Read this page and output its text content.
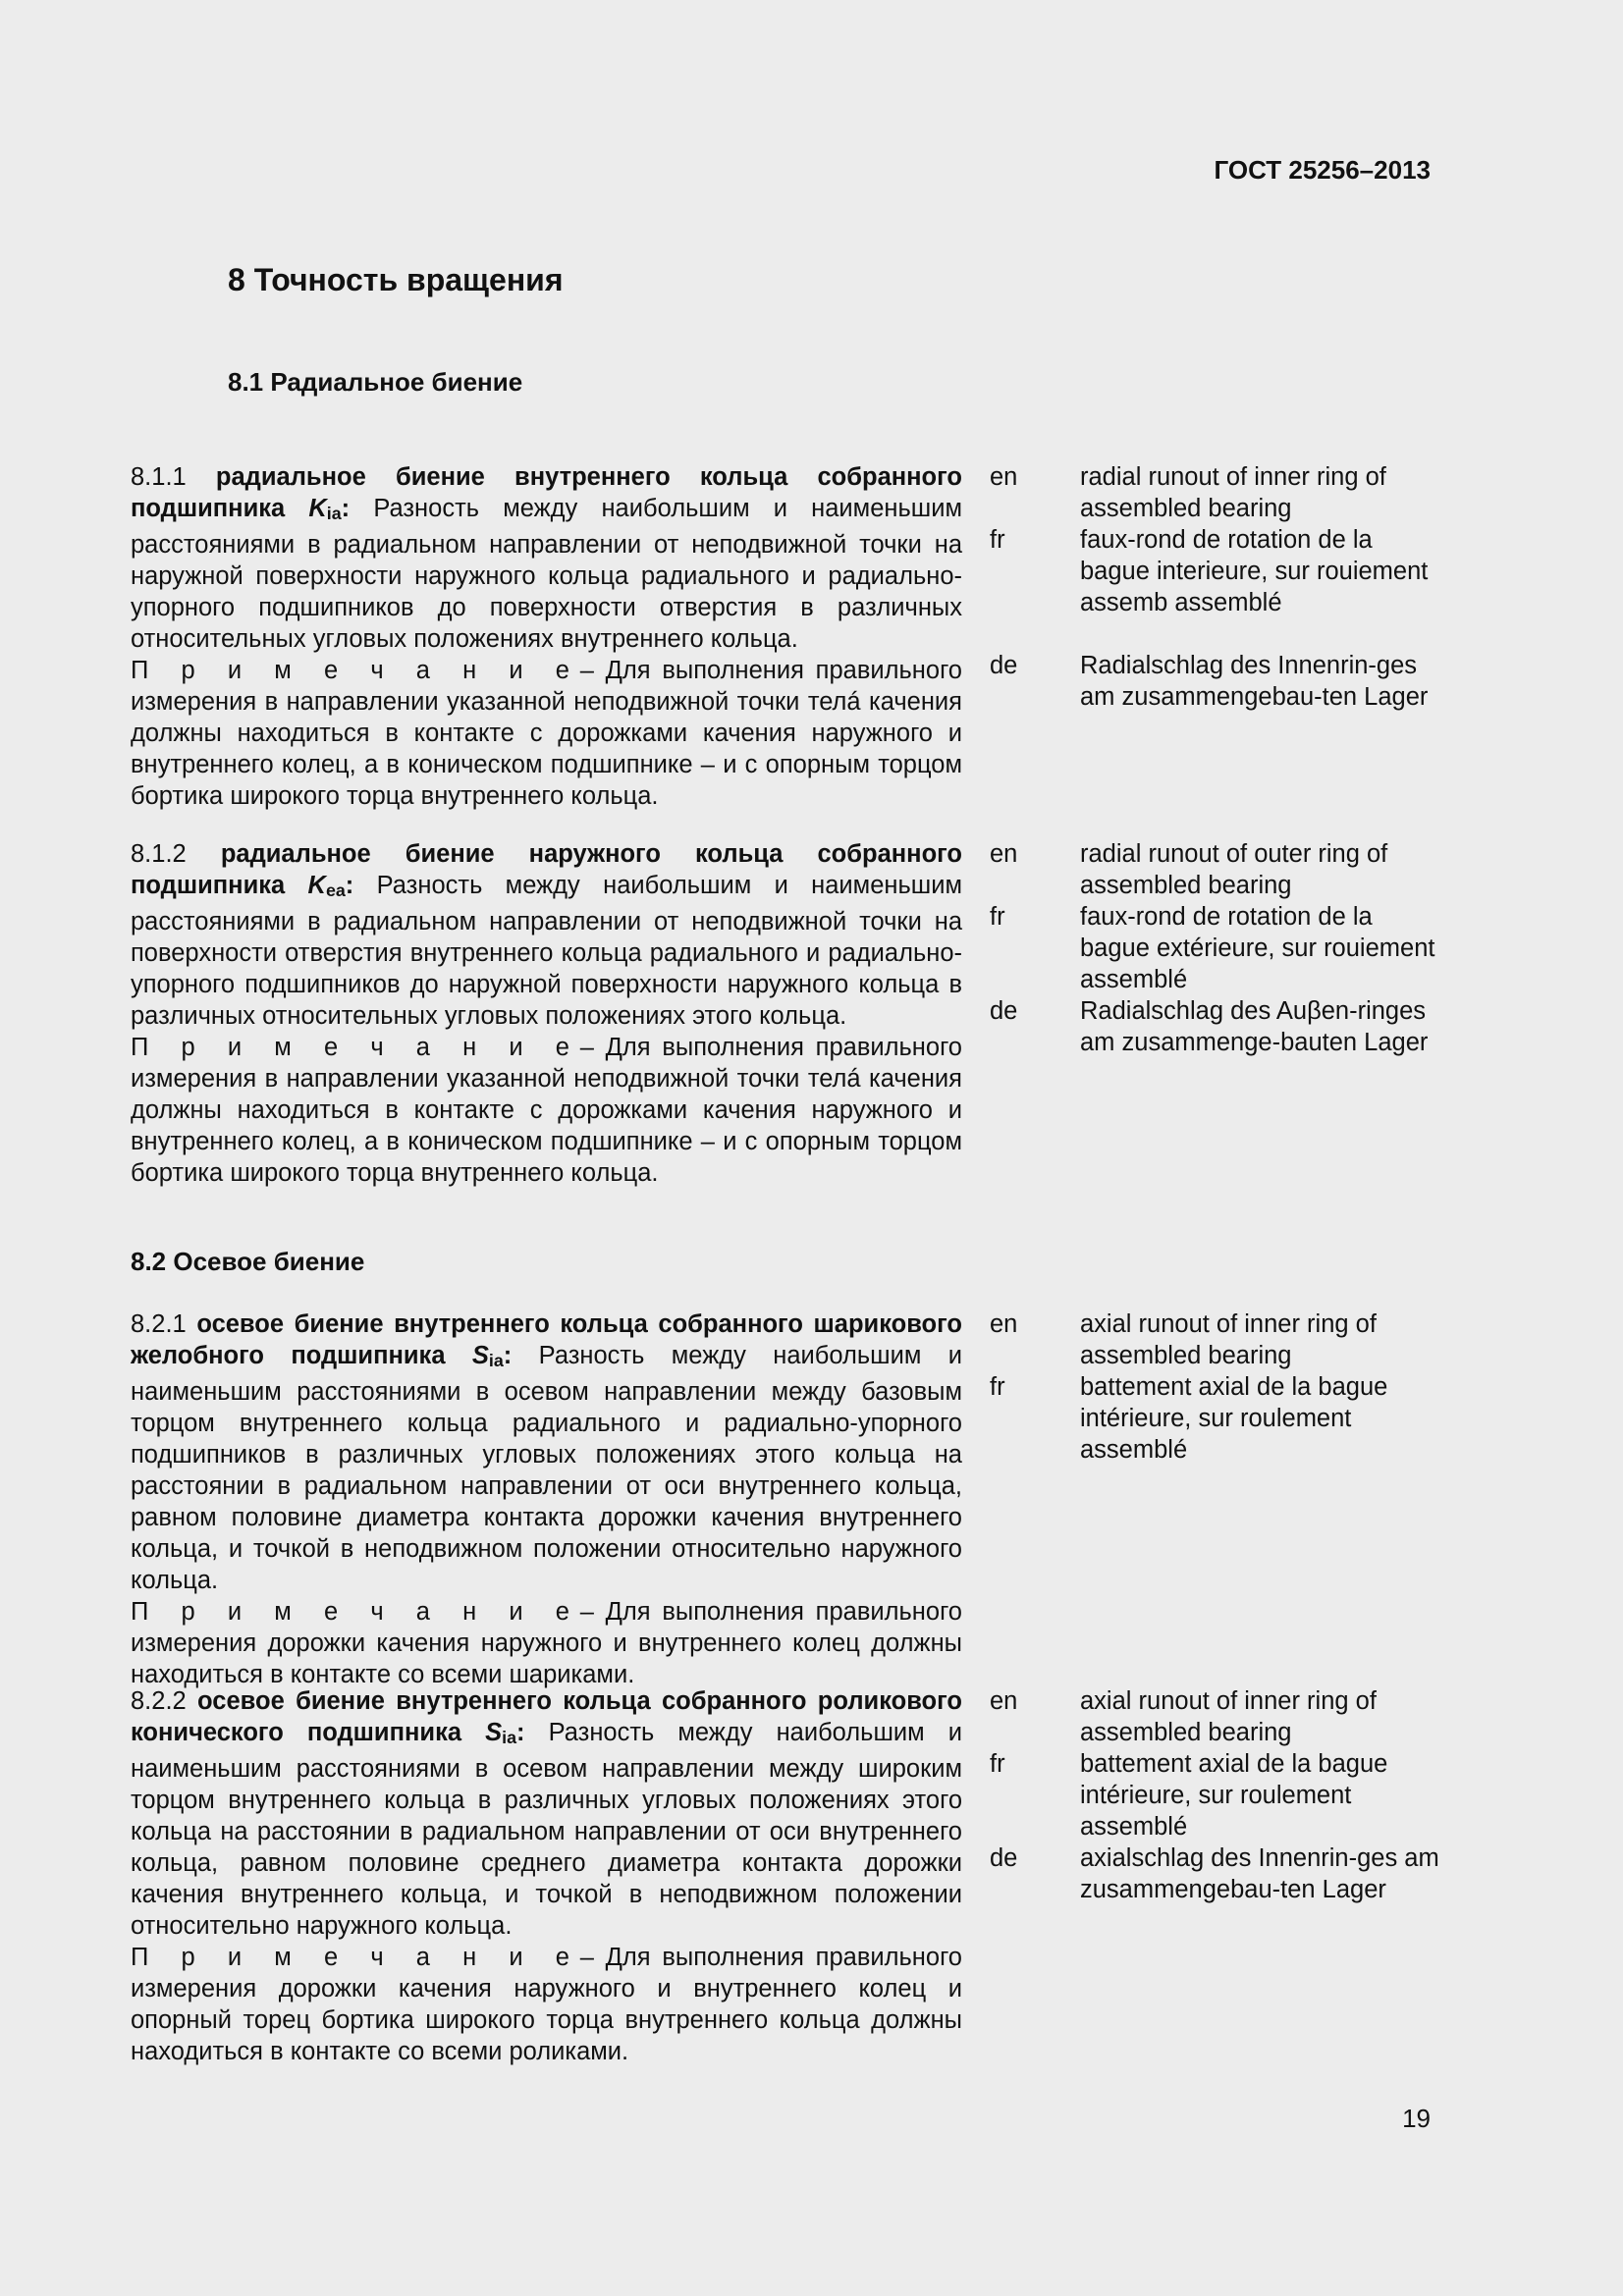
ГОСТ 25256–2013
8 Точность вращения
8.1 Радиальное биение
8.1.1 радиальное биение внутреннего кольца собранного подшипника $K_{ia}$: Разность между наибольшим и наименьшим расстояниями в радиальном направлении от неподвижной точки на наружной поверхности наружного кольца радиального и радиально-упорного подшипников до поверхности отверстия в различных относительных угловых положениях внутреннего кольца.
П р и м е ч а н и е– Для выполнения правильного измерения в направлении указанной неподвижной точки телá качения должны находиться в контакте с дорожками качения наружного и внутреннего колец, а в коническом подшипнике – и с опорным торцом бортика широкого торца внутреннего кольца.
en
fr
de
radial runout of inner ring of assembled bearing
faux-rond de rotation de la bague interieure, sur rouiement assemb assemblé
Radialschlag des Innenrin-ges am zusammengebau-ten Lager
8.1.2 радиальное биение наружного кольца собранного подшипника $K_{ea}$: Разность между наибольшим и наименьшим расстояниями в радиальном направлении от неподвижной точки на поверхности отверстия внутреннего кольца радиального и радиально-упорного подшипников до наружной поверхности наружного кольца в различных относительных угловых положениях этого кольца.
П р и м е ч а н и е– Для выполнения правильного измерения в направлении указанной неподвижной точки телá качения должны находиться в контакте с дорожками качения наружного и внутреннего колец, а в коническом подшипнике – и с опорным торцом бортика широкого торца внутреннего кольца.
en
fr
de
radial runout of outer ring of assembled bearing
faux-rond de rotation de la bague extérieure, sur rouiement assemblé
Radialschlag des Auβen-ringes am zusammenge-bauten Lager
8.2 Осевое биение
8.2.1 осевое биение внутреннего кольца собранного шарикового желобного подшипника $S_{ia}$: Разность между наибольшим и наименьшим расстояниями в осевом направлении между базовым торцом внутреннего кольца радиального и радиально-упорного подшипников в различных угловых положениях этого кольца на расстоянии в радиальном направлении от оси внутреннего кольца, равном половине диаметра контакта дорожки качения внутреннего кольца, и точкой в неподвижном положении относительно наружного кольца.
П р и м е ч а н и е– Для выполнения правильного измерения дорожки качения наружного и внутреннего колец должны находиться в контакте со всеми шариками.
en
fr
axial runout of inner ring of assembled bearing
battement axial de la bague intérieure, sur roulement assemblé
8.2.2 осевое биение внутреннего кольца собранного роликового конического подшипника $S_{ia}$: Разность между наибольшим и наименьшим расстояниями в осевом направлении между широким торцом внутреннего кольца в различных угловых положениях этого кольца на расстоянии в радиальном направлении от оси внутреннего кольца, равном половине среднего диаметра контакта дорожки качения внутреннего кольца, и точкой в неподвижном положении относительно наружного кольца.
П р и м е ч а н и е– Для выполнения правильного измерения дорожки качения наружного и внутреннего колец и опорный торец бортика широкого торца внутреннего кольца должны находиться в контакте со всеми роликами.
en
fr
de
axial runout of inner ring of assembled bearing
battement axial de la bague intérieure, sur roulement assemblé
axialschlag des Innenrin-ges am zusammengebau-ten Lager
19
